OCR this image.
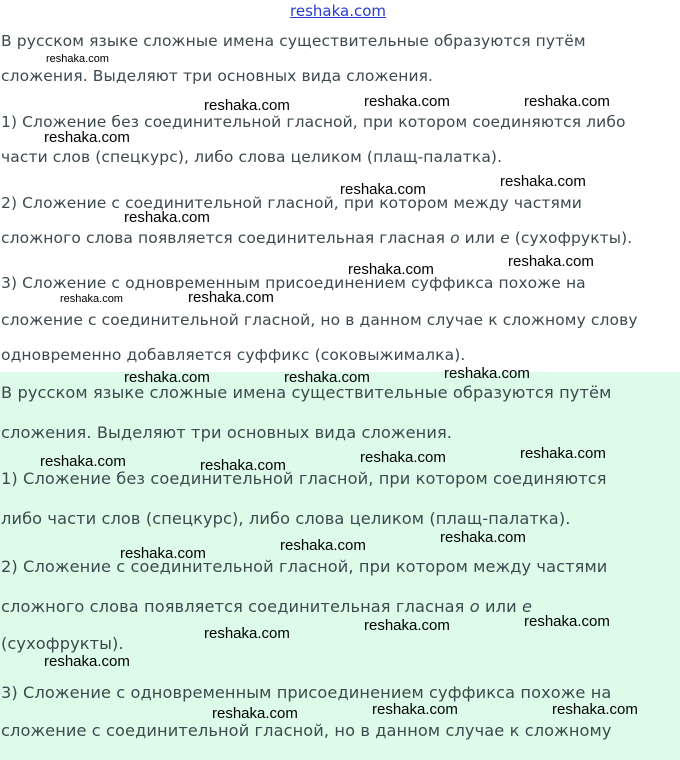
reshaka.com

В русском языке сложные имена существительные образуются путём

сложения. Выделяют три основных вида сложения.

1) Сложение без соединительной гласной, при котором соединяются либо

части слов (спецкурс), либо слова целиком (плащ-палатка).

2) Сложение с соединительной гласной, при котором между частями

сложного слова появляется соединительная гласная о или е (сухофрукты).

3) Сложение с одновременным присоединением суффикса похоже на

сложение с соединительной гласной, но в данном случае к сложному слову

одновременно добавляется суффикс (соковыжималка).

В русском языке сложные имена существительные образуются путём

сложения. Выделяют три основных вида сложения.

1) Сложение без соединительной гласной, при котором соединяются

либо части слов (спецкурс), либо слова целиком (плащ-палатка).

2) Сложение с соединительной гласной, при котором между частями

сложного слова появляется соединительная гласная о или е

(сухофрукты).

3) Сложение с одновременным присоединением суффикса похоже на

сложение с соединительной гласной, но в данном случае к сложному

reshaka.com
reshaka.com	reshaka.com	reshaka.com
reshaka.com
reshaka.com	reshaka.com
reshaka.com
reshaka.com	reshaka.com
reshaka.com	reshaka.com
reshaka.com	reshaka.com	reshaka.com
reshaka.com	reshaka.com	reshaka.com	reshaka.com
reshaka.com	reshaka.com	reshaka.com
reshaka.com	reshaka.com	reshaka.com
reshaka.com
reshaka.com	reshaka.com	reshaka.com
